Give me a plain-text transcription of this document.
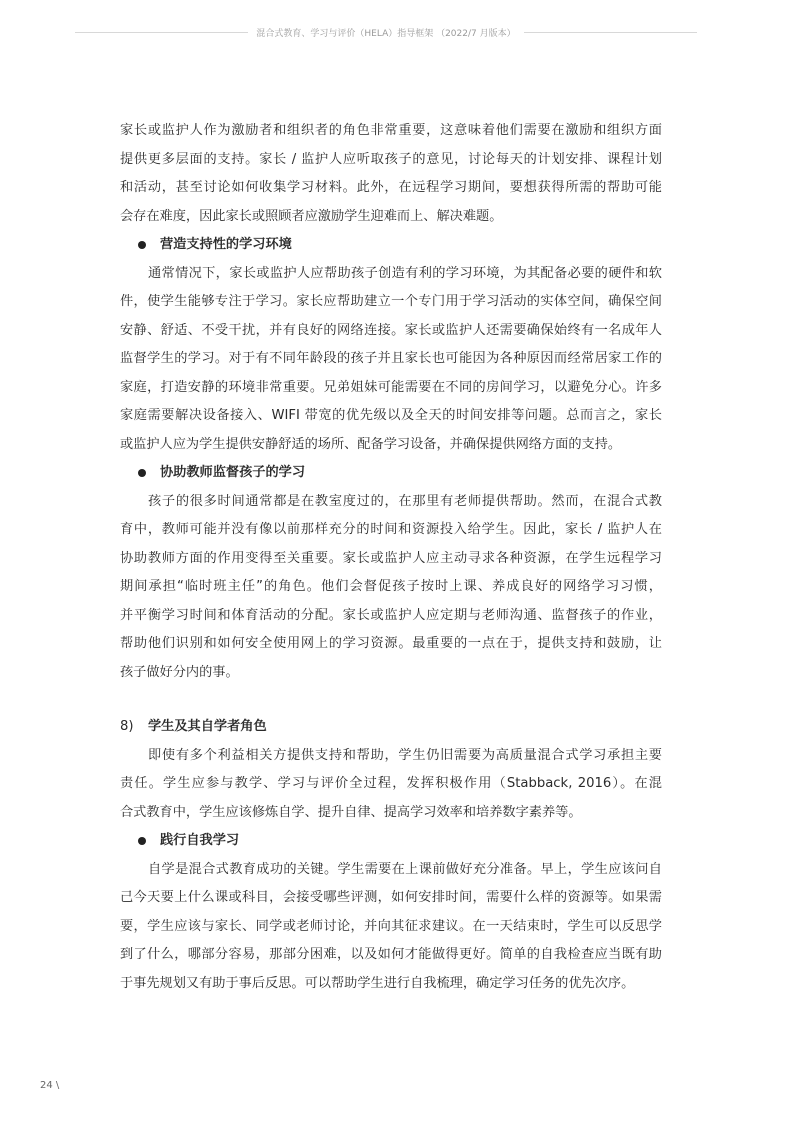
混合式教育、学习与评价（HELA）指导框架 （2022/7 月版本）
家长或监护人作为激励者和组织者的角色非常重要，这意味着他们需要在激励和组织方面
提供更多层面的支持。家长 / 监护人应听取孩子的意见，讨论每天的计划安排、课程计划
和活动，甚至讨论如何收集学习材料。此外，在远程学习期间，要想获得所需的帮助可能
会存在难度，因此家长或照顾者应激励学生迎难而上、解决难题。
营造支持性的学习环境
通常情况下，家长或监护人应帮助孩子创造有利的学习环境，为其配备必要的硬件和软
件，使学生能够专注于学习。家长应帮助建立一个专门用于学习活动的实体空间，确保空间
安静、舒适、不受干扰，并有良好的网络连接。家长或监护人还需要确保始终有一名成年人
监督学生的学习。对于有不同年龄段的孩子并且家长也可能因为各种原因而经常居家工作的
家庭，打造安静的环境非常重要。兄弟姐妹可能需要在不同的房间学习，以避免分心。许多
家庭需要解决设备接入、WIFI 带宽的优先级以及全天的时间安排等问题。总而言之，家长
或监护人应为学生提供安静舒适的场所、配备学习设备，并确保提供网络方面的支持。
协助教师监督孩子的学习
孩子的很多时间通常都是在教室度过的，在那里有老师提供帮助。然而，在混合式教
育中，教师可能并没有像以前那样充分的时间和资源投入给学生。因此，家长 / 监护人在
协助教师方面的作用变得至关重要。家长或监护人应主动寻求各种资源，在学生远程学习
期间承担“临时班主任”的角色。他们会督促孩子按时上课、养成良好的网络学习习惯，
并平衡学习时间和体育活动的分配。家长或监护人应定期与老师沟通、监督孩子的作业，
帮助他们识别和如何安全使用网上的学习资源。最重要的一点在于，提供支持和鼓励，让
孩子做好分内的事。
8) 学生及其自学者角色
即使有多个利益相关方提供支持和帮助，学生仍旧需要为高质量混合式学习承担主要
责任。学生应参与教学、学习与评价全过程，发挥积极作用（Stabback, 2016）。在混
合式教育中，学生应该修炼自学、提升自律、提高学习效率和培养数字素养等。
践行自我学习
自学是混合式教育成功的关键。学生需要在上课前做好充分准备。早上，学生应该问自
己今天要上什么课或科目，会接受哪些评测，如何安排时间，需要什么样的资源等。如果需
要，学生应该与家长、同学或老师讨论，并向其征求建议。在一天结束时，学生可以反思学
到了什么，哪部分容易，那部分困难，以及如何才能做得更好。简单的自我检查应当既有助
于事先规划又有助于事后反思。可以帮助学生进行自我梳理，确定学习任务的优先次序。
24 \
